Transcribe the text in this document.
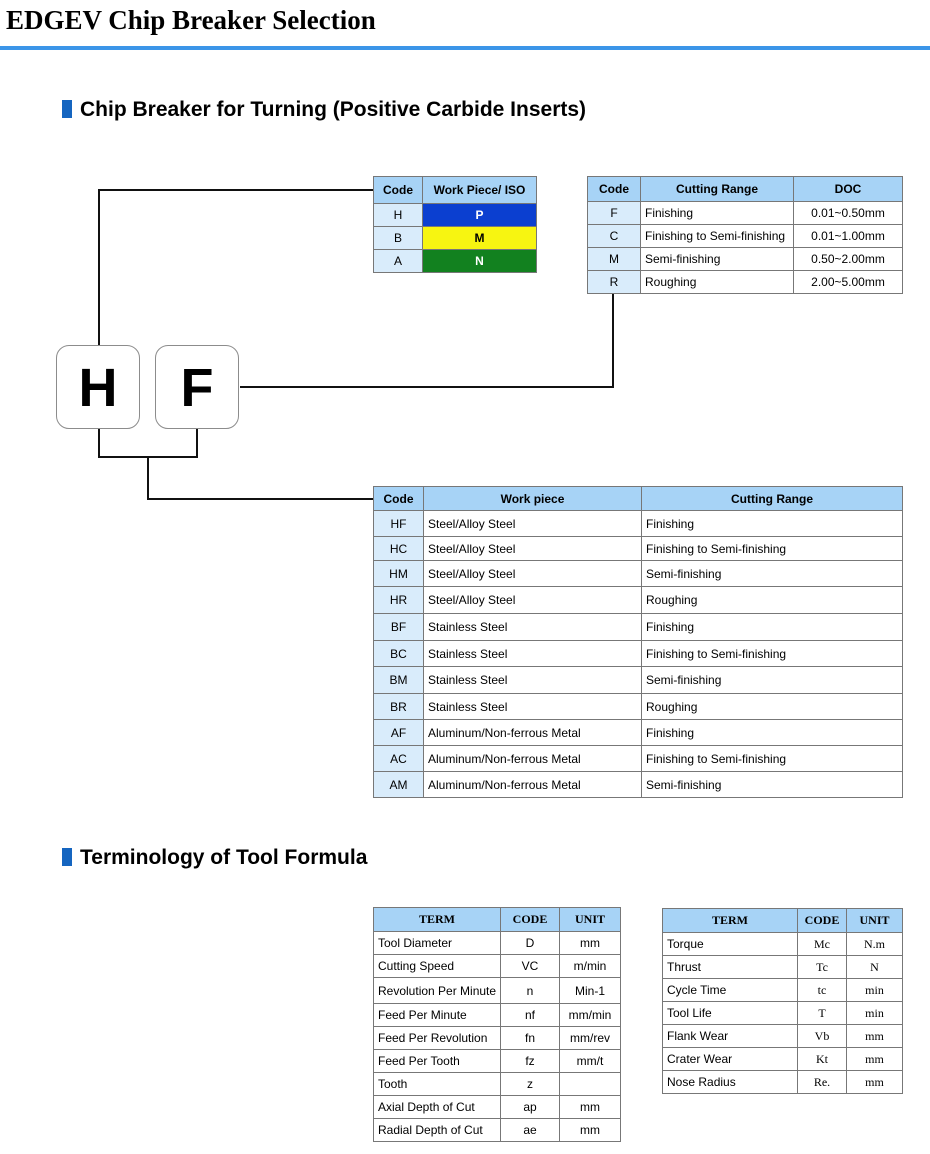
EDGEV Chip Breaker Selection
Chip Breaker for Turning (Positive Carbide Inserts)
H	F
Code	Work Piece/ ISO
H	P
B	M
A	N
Code	Cutting Range	DOC
F	Finishing	0.01~0.50mm
C	Finishing to Semi-finishing	0.01~1.00mm
M	Semi-finishing	0.50~2.00mm
R	Roughing	2.00~5.00mm
Code	Work piece	Cutting Range
HF	Steel/Alloy Steel	Finishing
HC	Steel/Alloy Steel	Finishing to Semi-finishing
HM	Steel/Alloy Steel	Semi-finishing
HR	Steel/Alloy Steel	Roughing
BF	Stainless Steel	Finishing
BC	Stainless Steel	Finishing to Semi-finishing
BM	Stainless Steel	Semi-finishing
BR	Stainless Steel	Roughing
AF	Aluminum/Non-ferrous Metal	Finishing
AC	Aluminum/Non-ferrous Metal	Finishing to Semi-finishing
AM	Aluminum/Non-ferrous Metal	Semi-finishing
Terminology of Tool Formula
TERM	CODE	UNIT
Tool Diameter	D	mm
Cutting Speed	VC	m/min
Revolution Per Minute	n	Min-1
Feed Per Minute	nf	mm/min
Feed Per Revolution	fn	mm/rev
Feed Per Tooth	fz	mm/t
Tooth	z	
Axial Depth of Cut	ap	mm
Radial Depth of Cut	ae	mm
TERM	CODE	UNIT
Torque	Mc	N.m
Thrust	Tc	N
Cycle Time	tc	min
Tool Life	T	min
Flank Wear	Vb	mm
Crater Wear	Kt	mm
Nose Radius	Re.	mm
